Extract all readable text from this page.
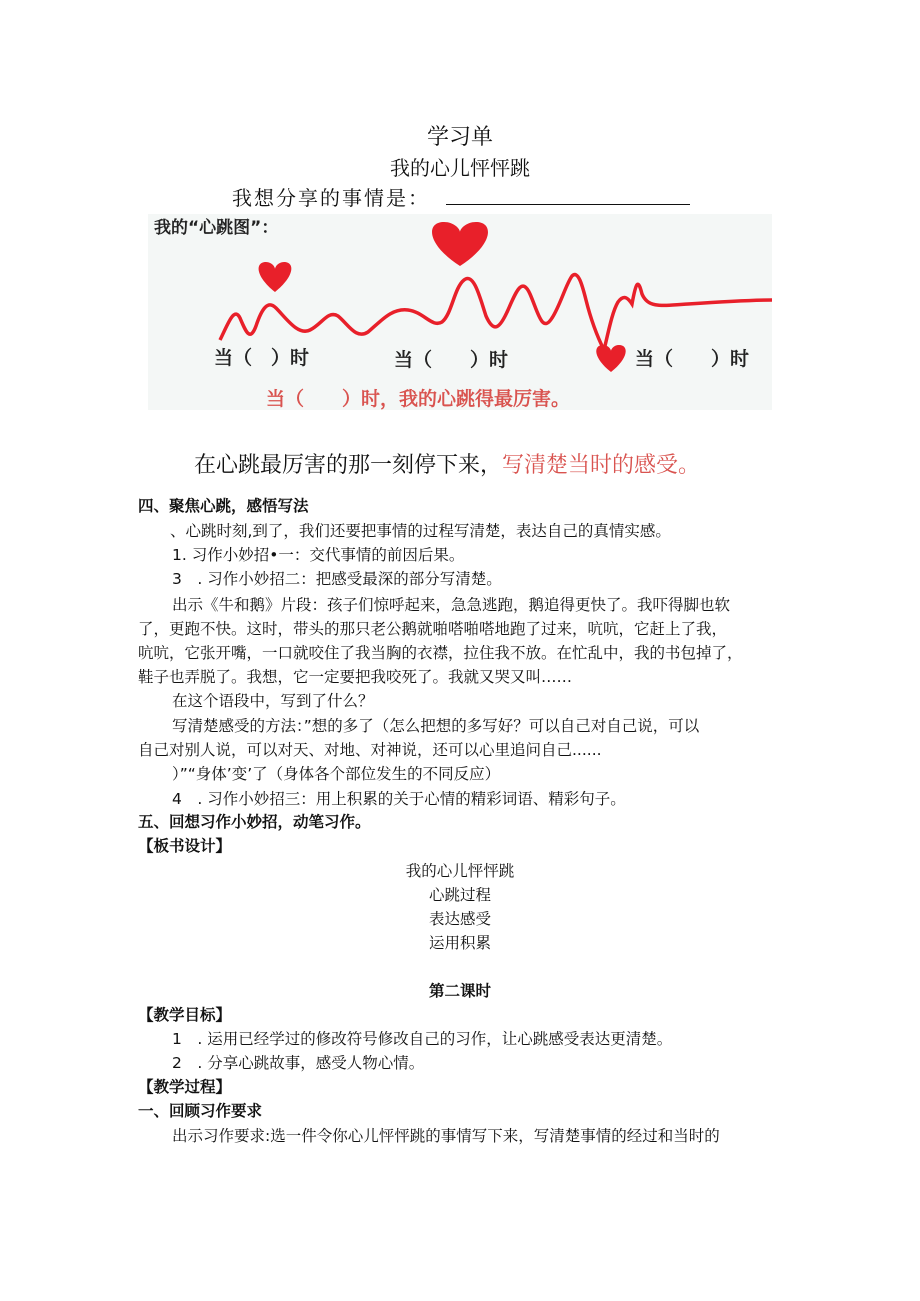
学习单
我的心儿怦怦跳
我想分享的事情是：
我的“心跳图”：
当（　）时	当（　　）时	当（　　）时
当（　　）时，我的心跳得最厉害。
在心跳最厉害的那一刻停下来，写清楚当时的感受。
四、聚焦心跳，感悟写法
、心跳时刻,到了，我们还要把事情的过程写清楚，表达自己的真情实感。
1. 习作小妙招•一：交代事情的前因后果。
3　. 习作小妙招二：把感受最深的部分写清楚。
出示《牛和鹅》片段：孩子们惊呼起来，急急逃跑，鹅追得更快了。我吓得脚也软
了，更跑不快。这时，带头的那只老公鹅就啪嗒啪嗒地跑了过来，吭吭，它赶上了我，
吭吭，它张开嘴，一口就咬住了我当胸的衣襟，拉住我不放。在忙乱中，我的书包掉了，
鞋子也弄脱了。我想，它一定要把我咬死了。我就又哭又叫……
在这个语段中，写到了什么？
写清楚感受的方法：”想的多了（怎么把想的多写好？可以自己对自己说，可以
自己对别人说，可以对天、对地、对神说，还可以心里追问自己......
）”“身体’变’了（身体各个部位发生的不同反应）
4　. 习作小妙招三：用上积累的关于心情的精彩词语、精彩句子。
五、回想习作小妙招，动笔习作。
【板书设计】
我的心儿怦怦跳
心跳过程
表达感受
运用积累
第二课时
【教学目标】
1　. 运用已经学过的修改符号修改自己的习作，让心跳感受表达更清楚。
2　. 分享心跳故事，感受人物心情。
【教学过程】
一、回顾习作要求
出示习作要求:选一件令你心儿怦怦跳的事情写下来，写清楚事情的经过和当时的
